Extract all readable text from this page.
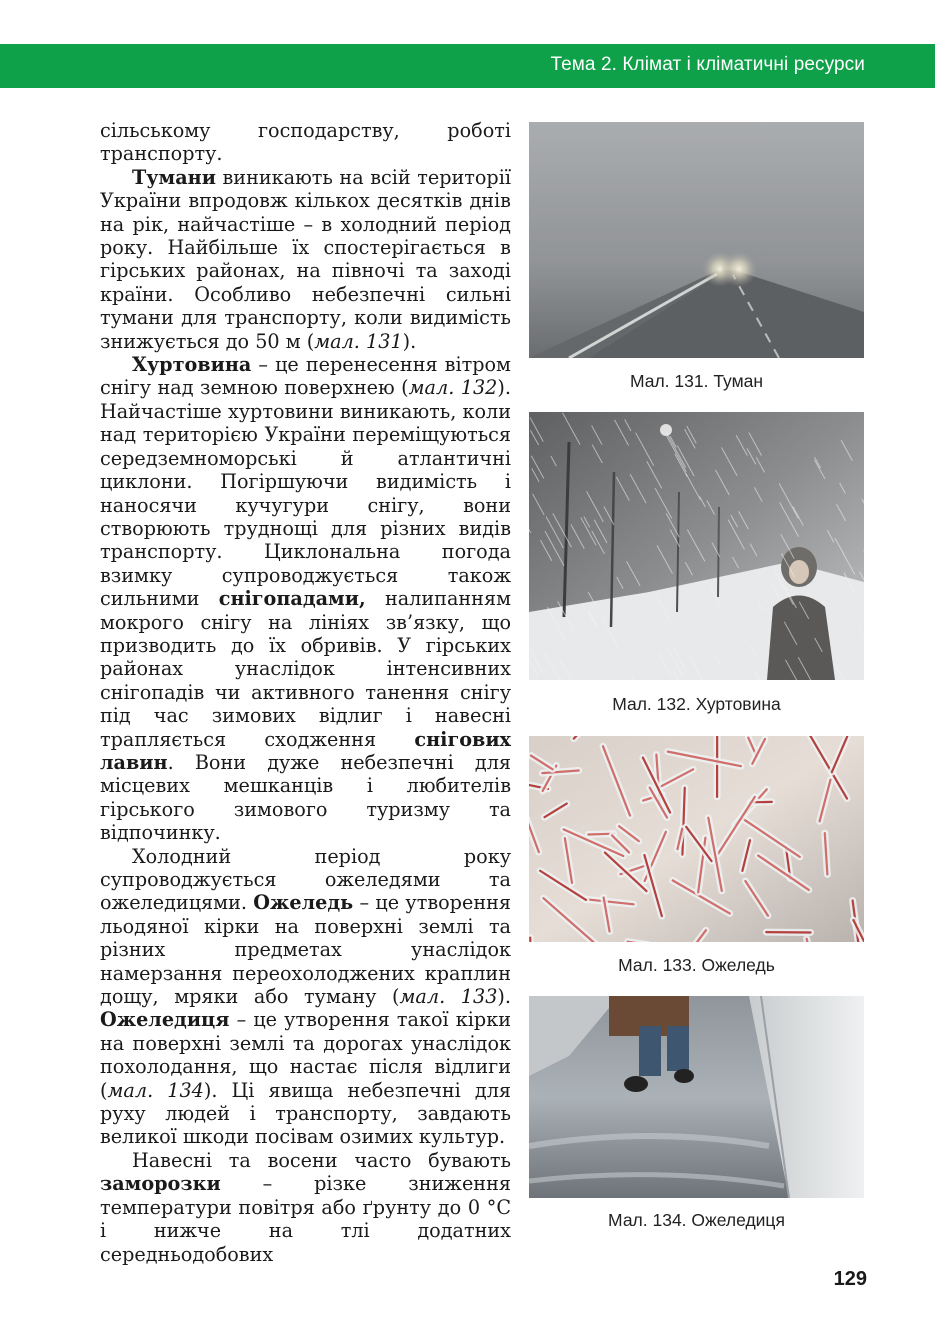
Тема 2. Клімат і кліматичні ресурси

сільському господарству, роботі транспорту.

Тумани виникають на всій території України впродовж кількох десятків днів на рік, найчастіше – в холодний період року. Найбільше їх спостерігається в гірських районах, на півночі та заході країни. Особливо небезпечні сильні тумани для транспорту, коли видимість знижується до 50 м (мал. 131).

Хуртовина – це перенесення вітром снігу над земною поверхнею (мал. 132). Найчастіше хуртовини виникають, коли над територією України переміщуються середземноморські й атлантичні циклони. Погіршуючи видимість і наносячи кучугури снігу, вони створюють труднощі для різних видів транспорту. Циклональна погода взимку супроводжується також сильними снігопадами, налипанням мокрого снігу на лініях зв’язку, що призводить до їх обривів. У гірських районах унаслідок інтенсивних снігопадів чи активного танення снігу під час зимових відлиг і навесні трапляється сходження снігових лавин. Вони дуже небезпечні для місцевих мешканців і любителів гірського зимового туризму та відпочинку.

Холодний період року супроводжується ожеледями та ожеледицями. Ожеледь – це утворення льодяної кірки на поверхні землі та різних предметах унаслідок намерзання переохолоджених краплин дощу, мряки або туману (мал. 133). Ожеледиця – це утворення такої кірки на поверхні землі та дорогах унаслідок похолодання, що настає після відлиги (мал. 134). Ці явища небезпечні для руху людей і транспорту, завдають великої шкоди посівам озимих культур.

Навесні та восени часто бувають заморозки – різке зниження температури повітря або ґрунту до 0 °С і нижче на тлі додатних середньодобових

Мал. 131. Туман
Мал. 132. Хуртовина
Мал. 133. Ожеледь
Мал. 134. Ожеледиця
129
